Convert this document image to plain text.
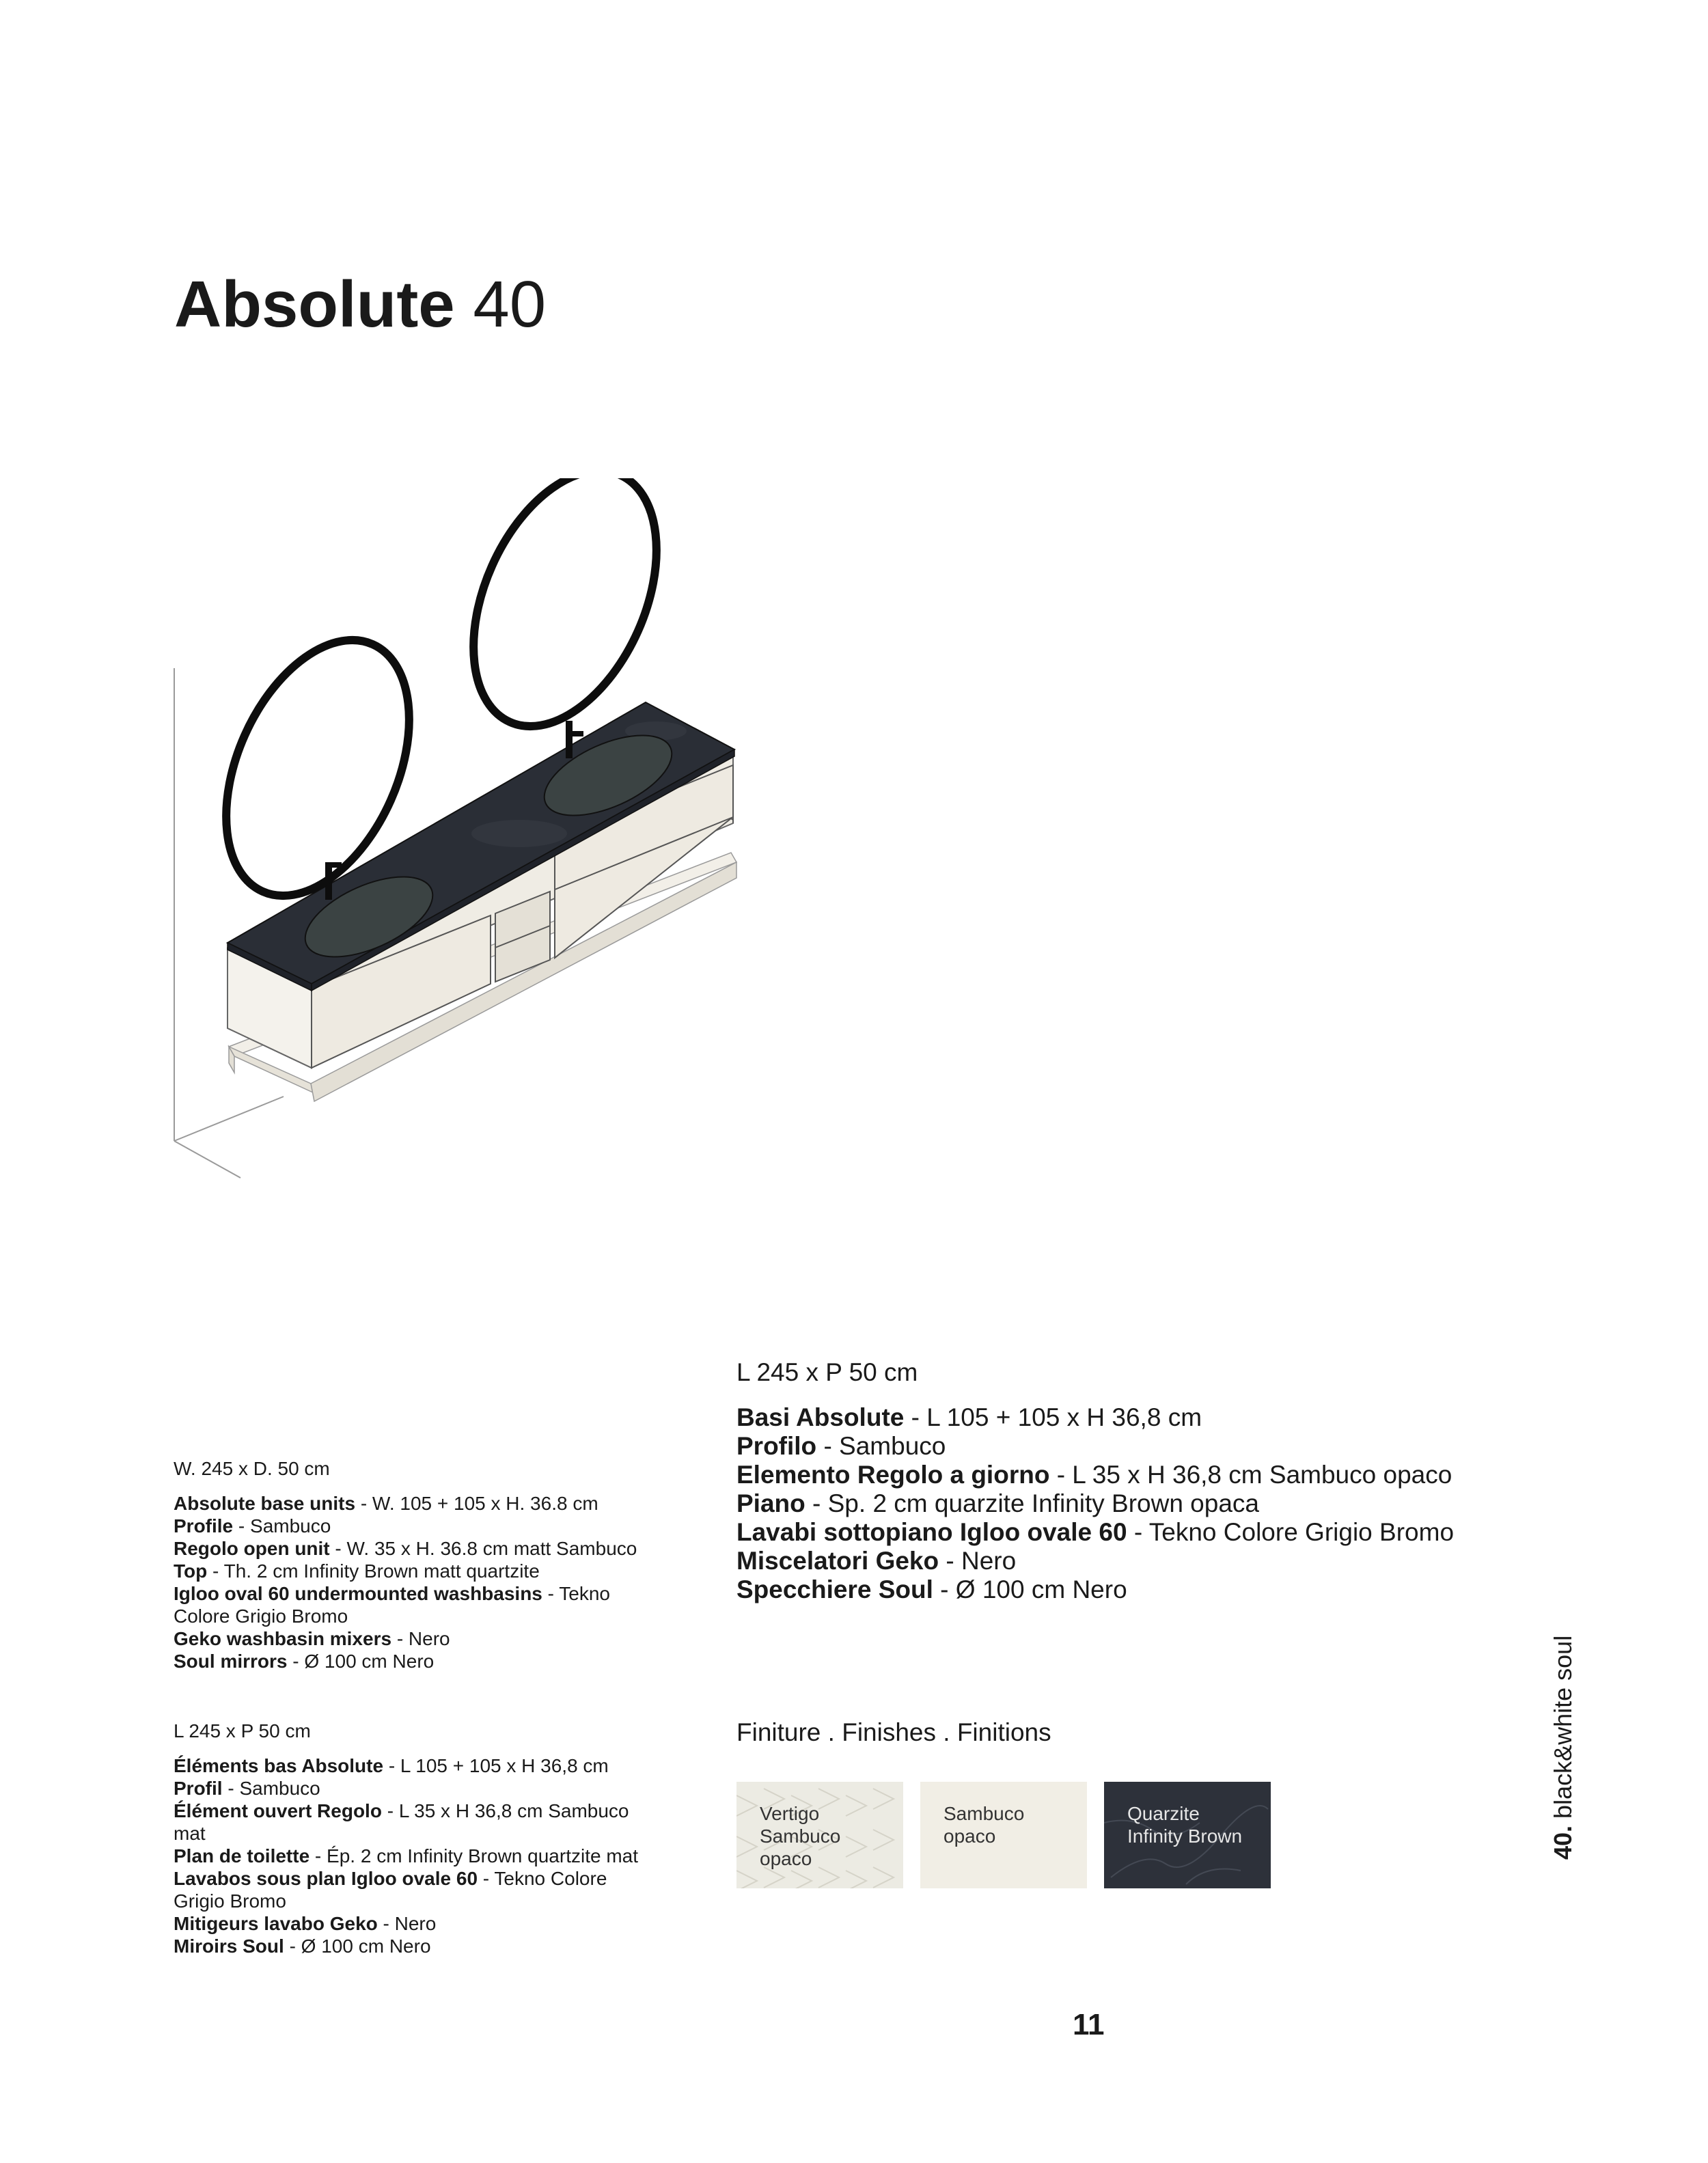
Absolute 40

W. 245 x D. 50 cm

Absolute base units - W. 105 + 105 x H. 36.8 cm

Profile - Sambuco

Regolo open unit - W. 35 x H. 36.8 cm matt Sambuco

Top - Th. 2 cm Infinity Brown matt quartzite

Igloo oval 60 undermounted washbasins - Tekno Colore Grigio Bromo

Geko washbasin mixers - Nero

Soul mirrors - Ø 100 cm Nero

L 245 x P 50 cm

Éléments bas Absolute - L 105 + 105 x H 36,8 cm

Profil - Sambuco

Élément ouvert Regolo - L 35 x H 36,8 cm Sambuco mat

Plan de toilette - Ép. 2 cm Infinity Brown quartzite mat

Lavabos sous plan Igloo ovale 60 - Tekno Colore Grigio Bromo

Mitigeurs lavabo Geko - Nero

Miroirs Soul - Ø 100 cm Nero

L 245 x P 50 cm

Basi Absolute - L 105 + 105 x H 36,8 cm

Profilo - Sambuco

Elemento Regolo a giorno - L 35 x H 36,8 cm Sambuco opaco

Piano - Sp. 2 cm quarzite Infinity Brown opaca

Lavabi sottopiano Igloo ovale 60 - Tekno Colore Grigio Bromo

Miscelatori Geko - Nero

Specchiere Soul - Ø 100 cm Nero

Finiture . Finishes . Finitions
Vertigo
Sambuco
opaco
Sambuco
opaco
Quarzite
Infinity Brown	40. black&white soul
11
